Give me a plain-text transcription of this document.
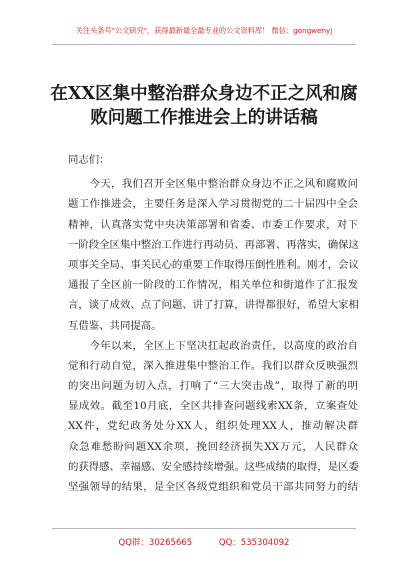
关注头条号"公文研究"，获得最新最全最专业的公文资料库！ 微信：gongwenyj
在XX区集中整治群众身边不正之风和腐
败问题工作推进会上的讲话稿
同志们：
　　今天，我们召开全区集中整治群众身边不正之风和腐败问
题工作推进会，主要任务是深入学习贯彻党的二十届四中全会
精神，认真落实党中央决策部署和省委、市委工作要求，对下
一阶段全区集中整治工作进行再动员、再部署、再落实，确保这
项事关全局、事关民心的重要工作取得压倒性胜利。刚才，会议
通报了全区前一阶段的工作情况，相关单位和街道作了汇报发
言，谈了成效、点了问题、讲了打算，讲得都很好，希望大家相
互借鉴、共同提高。
　　今年以来，全区上下坚决扛起政治责任，以高度的政治自
觉和行动自觉，深入推进集中整治工作。我们以群众反映强烈
的突出问题为切入点，打响了“三大突击战”，取得了新的明
显成效。截至10月底，全区共排查问题线索XX条，立案查处
XX件，党纪政务处分XX人，组织处理XX人，推动解决群
众急难愁盼问题XX余项，挽回经济损失XX万元，人民群众
的获得感、幸福感、安全感持续增强。这些成绩的取得，是区委
坚强领导的结果，是全区各级党组织和党员干部共同努力的结
QQ群：30265665	QQ：535304092
